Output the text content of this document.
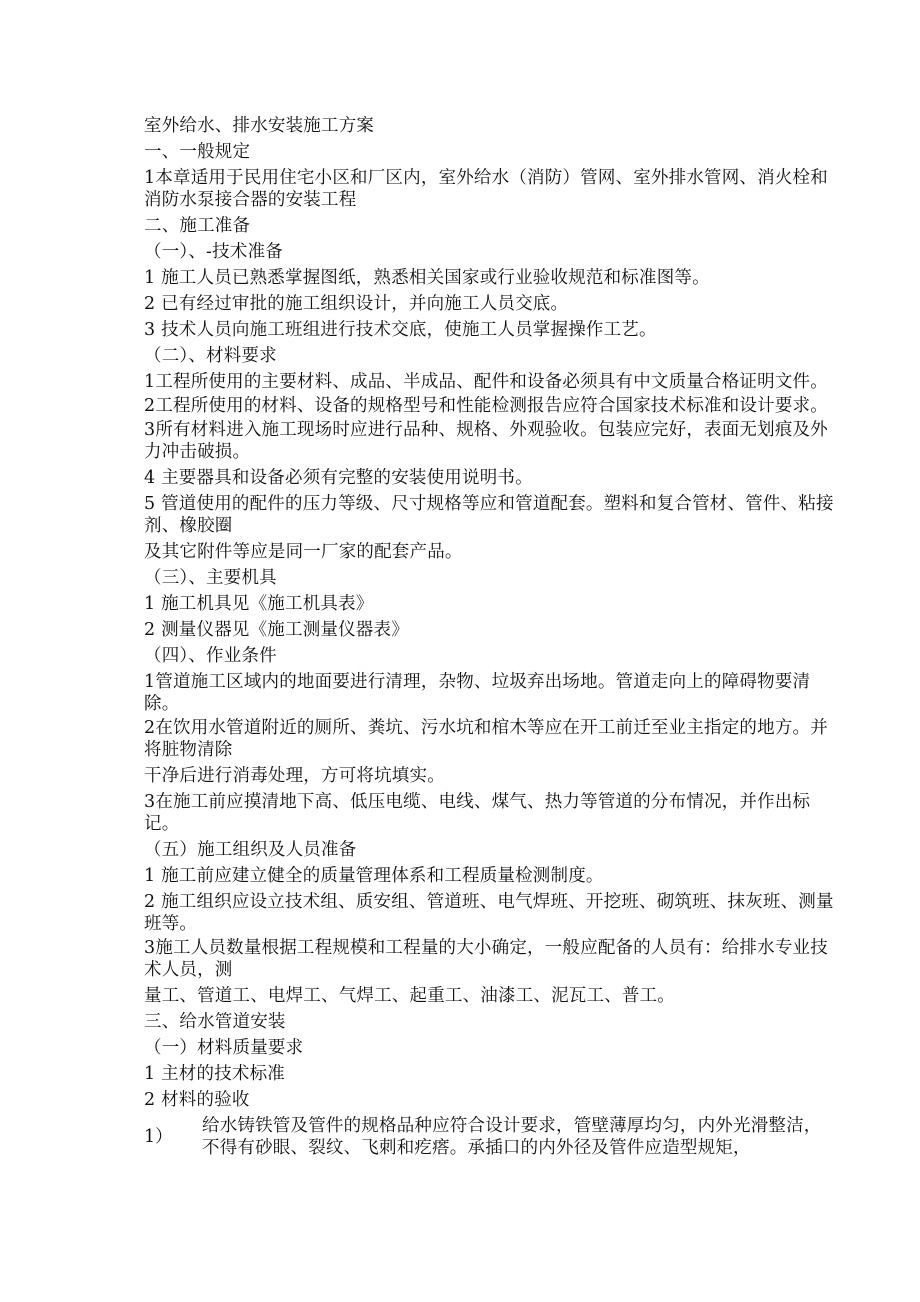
室外给水、排水安装施工方案
一、一般规定
1本章适用于民用住宅小区和厂区内，室外给水（消防）管网、室外排水管网、消火栓和消防水泵接合器的安装工程
二、施工准备
（一）、-技术准备
1 施工人员已熟悉掌握图纸，熟悉相关国家或行业验收规范和标准图等。
2 已有经过审批的施工组织设计，并向施工人员交底。
3 技术人员向施工班组进行技术交底，使施工人员掌握操作工艺。
（二）、材料要求
1工程所使用的主要材料、成品、半成品、配件和设备必须具有中文质量合格证明文件。
2工程所使用的材料、设备的规格型号和性能检测报告应符合国家技术标准和设计要求。
3所有材料进入施工现场时应进行品种、规格、外观验收。包装应完好，表面无划痕及外力冲击破损。
4 主要器具和设备必须有完整的安装使用说明书。
5 管道使用的配件的压力等级、尺寸规格等应和管道配套。塑料和复合管材、管件、粘接剂、橡胶圈
及其它附件等应是同一厂家的配套产品。
（三）、主要机具
1 施工机具见《施工机具表》
2 测量仪器见《施工测量仪器表》
（四）、作业条件
1管道施工区域内的地面要进行清理，杂物、垃圾弃出场地。管道走向上的障碍物要清除。
2在饮用水管道附近的厕所、粪坑、污水坑和棺木等应在开工前迁至业主指定的地方。并将脏物清除
干净后进行消毒处理，方可将坑填实。
3在施工前应摸清地下高、低压电缆、电线、煤气、热力等管道的分布情况，并作出标记。
（五）施工组织及人员准备
1 施工前应建立健全的质量管理体系和工程质量检测制度。
2 施工组织应设立技术组、质安组、管道班、电气焊班、开挖班、砌筑班、抹灰班、测量班等。
3施工人员数量根据工程规模和工程量的大小确定，一般应配备的人员有：给排水专业技术人员，测
量工、管道工、电焊工、气焊工、起重工、油漆工、泥瓦工、普工。
三、给水管道安装
（一）材料质量要求
1 主材的技术标准
2 材料的验收
1）
给水铸铁管及管件的规格品种应符合设计要求，管壁薄厚均匀，内外光滑整洁，不得有砂眼、裂纹、飞刺和疙瘩。承插口的内外径及管件应造型规矩，
